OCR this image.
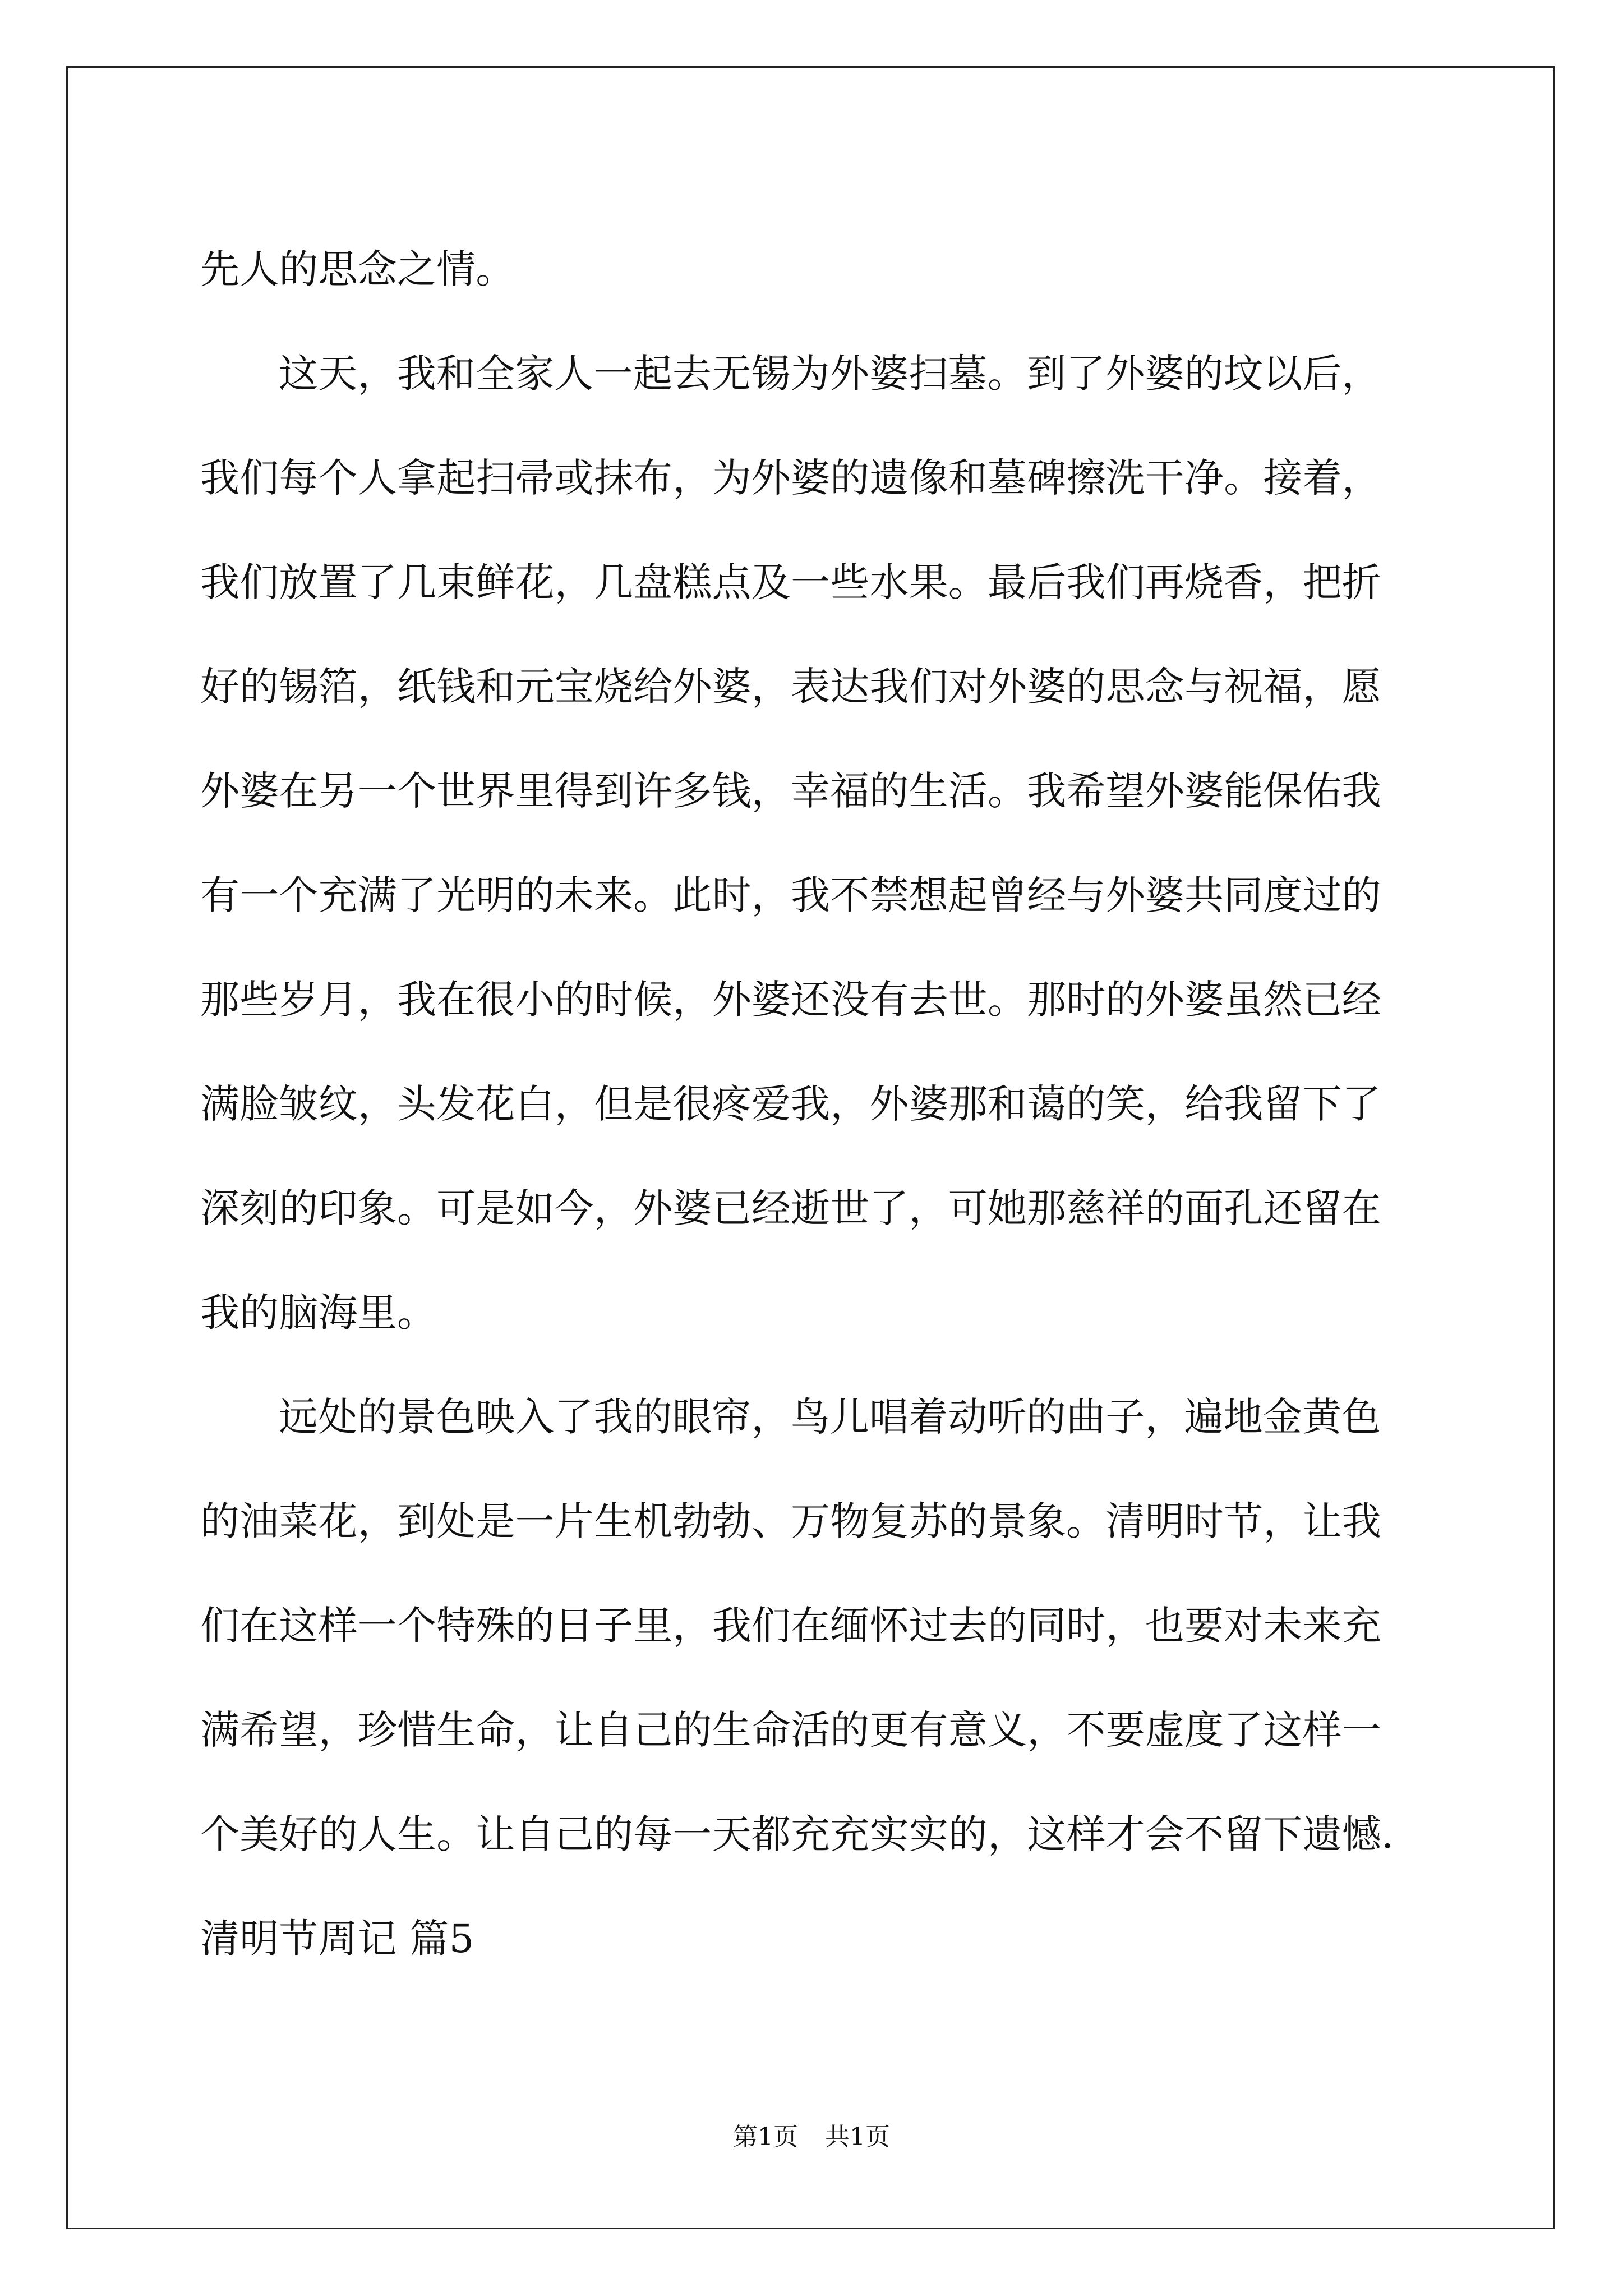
先人的思念之情。
这天，我和全家人一起去无锡为外婆扫墓。到了外婆的坟以后，
我们每个人拿起扫帚或抹布，为外婆的遗像和墓碑擦洗干净。接着，
我们放置了几束鲜花，几盘糕点及一些水果。最后我们再烧香，把折
好的锡箔，纸钱和元宝烧给外婆，表达我们对外婆的思念与祝福，愿
外婆在另一个世界里得到许多钱，幸福的生活。我希望外婆能保佑我
有一个充满了光明的未来。此时，我不禁想起曾经与外婆共同度过的
那些岁月，我在很小的时候，外婆还没有去世。那时的外婆虽然已经
满脸皱纹，头发花白，但是很疼爱我，外婆那和蔼的笑，给我留下了
深刻的印象。可是如今，外婆已经逝世了，可她那慈祥的面孔还留在
我的脑海里。
远处的景色映入了我的眼帘，鸟儿唱着动听的曲子，遍地金黄色
的油菜花，到处是一片生机勃勃、万物复苏的景象。清明时节，让我
们在这样一个特殊的日子里，我们在缅怀过去的同时，也要对未来充
满希望，珍惜生命，让自己的生命活的更有意义，不要虚度了这样一
个美好的人生。让自己的每一天都充充实实的，这样才会不留下遗憾.
清明节周记 篇5
第1页 共1页
